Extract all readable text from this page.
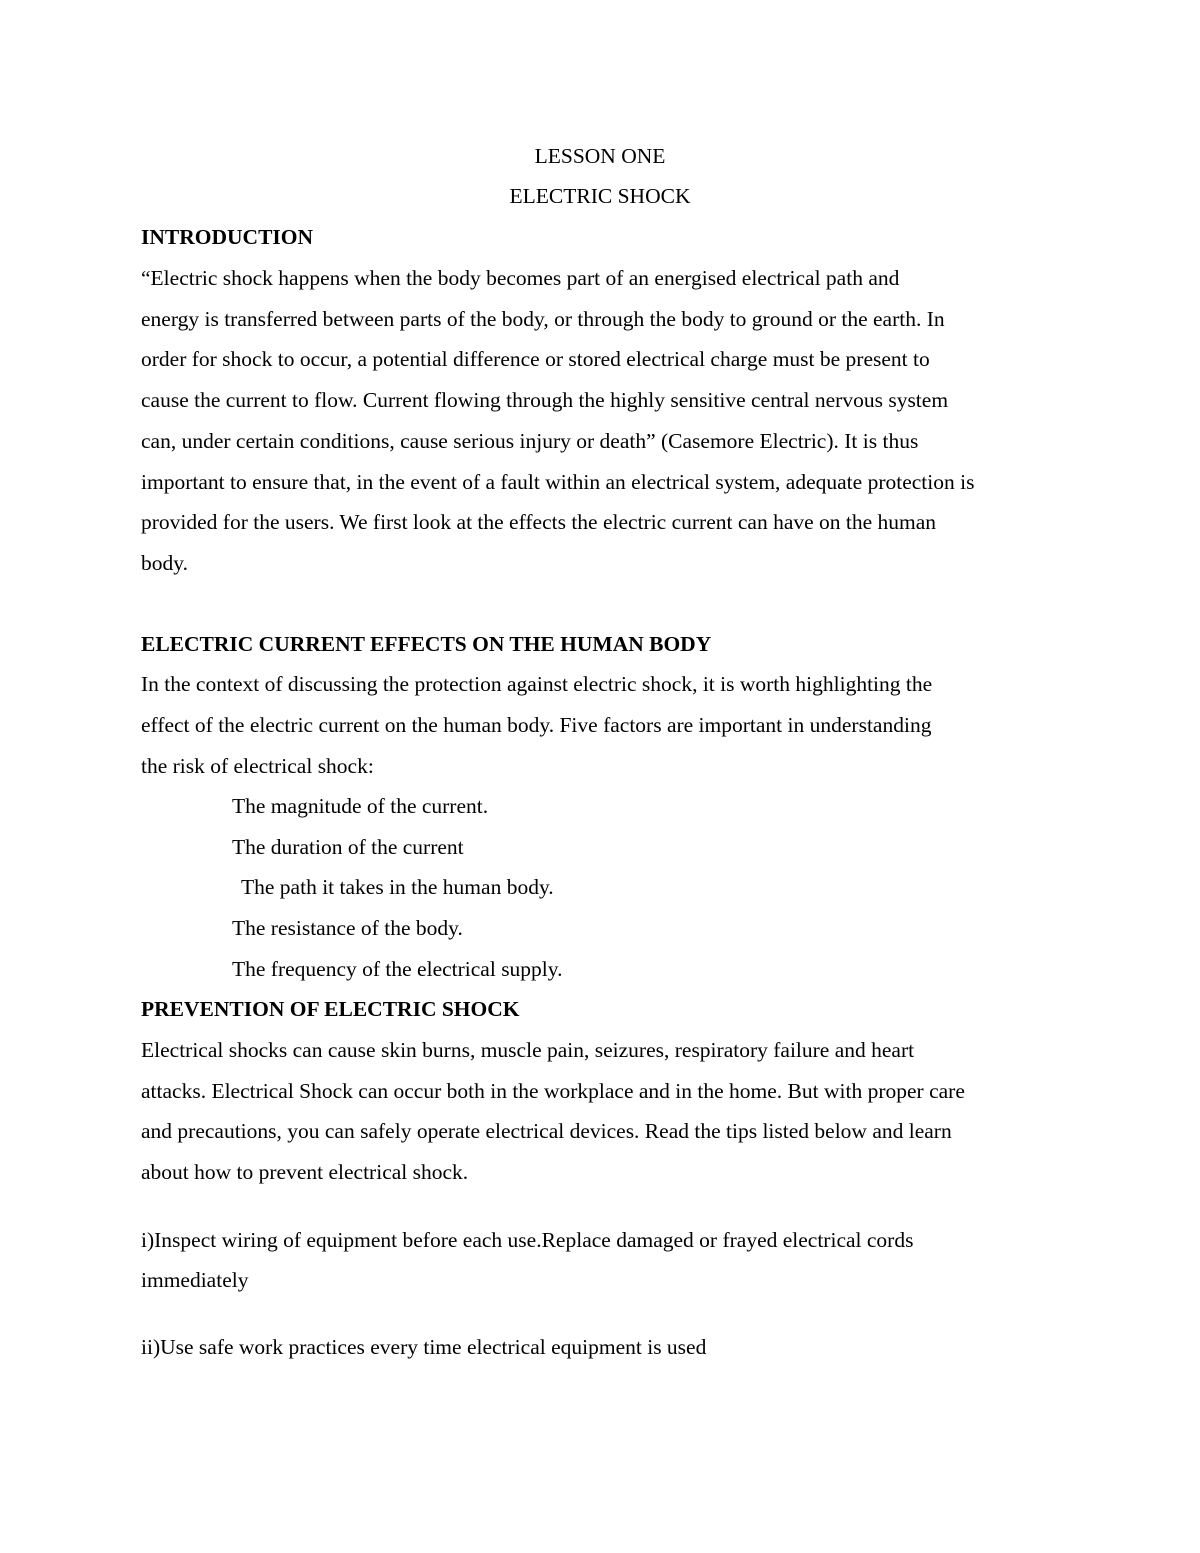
LESSON ONE
ELECTRIC SHOCK
INTRODUCTION
“Electric shock happens when the body becomes part of an energised electrical path and
energy is transferred between parts of the body, or through the body to ground or the earth. In
order for shock to occur, a potential difference or stored electrical charge must be present to
cause the current to flow. Current flowing through the highly sensitive central nervous system
can, under certain conditions, cause serious injury or death” (Casemore Electric). It is thus
important to ensure that, in the event of a fault within an electrical system, adequate protection is
provided for the users. We first look at the effects the electric current can have on the human
body.
ELECTRIC CURRENT EFFECTS ON THE HUMAN BODY
In the context of discussing the protection against electric shock, it is worth highlighting the
effect of the electric current on the human body. Five factors are important in understanding
the risk of electrical shock:
The magnitude of the current.
The duration of the current
The path it takes in the human body.
The resistance of the body.
The frequency of the electrical supply.
PREVENTION OF ELECTRIC SHOCK
Electrical shocks can cause skin burns, muscle pain, seizures, respiratory failure and heart
attacks. Electrical Shock can occur both in the workplace and in the home. But with proper care
and precautions, you can safely operate electrical devices. Read the tips listed below and learn
about how to prevent electrical shock.
i)Inspect wiring of equipment before each use.Replace damaged or frayed electrical cords
immediately
ii)Use safe work practices every time electrical equipment is used
